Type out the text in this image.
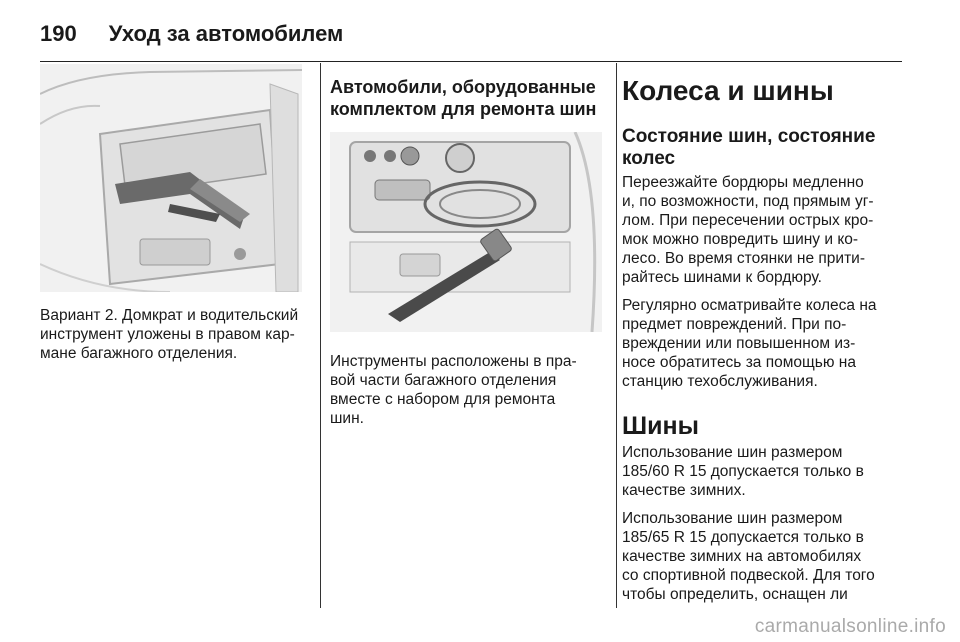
190 Уход за автомобилем

Вариант 2. Домкрат и водительский
инструмент уложены в правом кар-
мане багажного отделения.

Автомобили, оборудованные
комплектом для ремонта шин

Инструменты расположены в пра-
вой части багажного отделения
вместе с набором для ремонта
шин.

Колеса и шины
Состояние шин, состояние
колес

Переезжайте бордюры медленно
и, по возможности, под прямым уг-
лом. При пересечении острых кро-
мок можно повредить шину и ко-
лесо. Во время стоянки не прити-
райтесь шинами к бордюру.

Регулярно осматривайте колеса на
предмет повреждений. При по-
вреждении или повышенном из-
носе обратитесь за помощью на
станцию техобслуживания.

Шины

Использование шин размером
185/60 R 15 допускается только в
качестве зимних.

Использование шин размером
185/65 R 15 допускается только в
качестве зимних на автомобилях
со спортивной подвеской. Для того
чтобы определить, оснащен ли

carmanualsonline.info
